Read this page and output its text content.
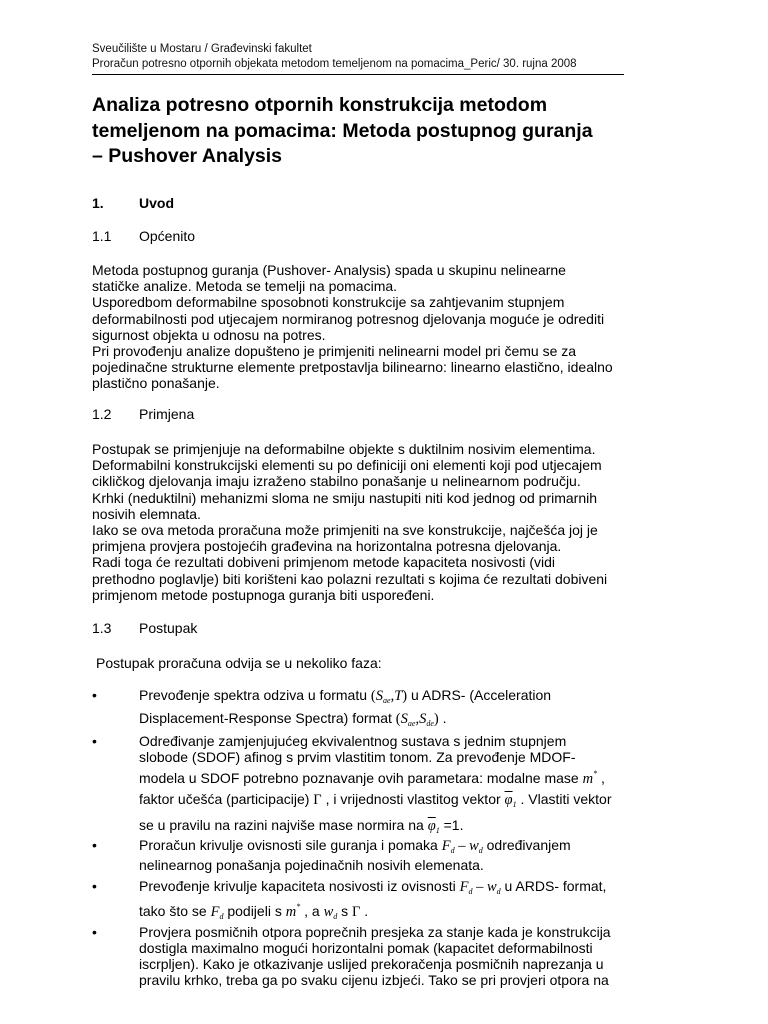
Sveučilište u Mostaru / Građevinski fakultet
Proračun potresno otpornih objekata metodom temeljenom na pomacima_Peric/ 30. rujna 2008
Analiza potresno otpornih konstrukcija metodom
temeljenom na pomacima: Metoda postupnog guranja
– Pushover Analysis
1.	Uvod
1.1 Općenito
Metoda postupnog guranja (Pushover- Analysis) spada u skupinu nelinearne
statičke analize. Metoda se temelji na pomacima.
Usporedbom deformabilne sposobnoti konstrukcije sa zahtjevanim stupnjem
deformabilnosti pod utjecajem normiranog potresnog djelovanja moguće je odrediti
sigurnost objekta u odnosu na potres.
Pri provođenju analize dopušteno je primjeniti nelinearni model pri čemu se za
pojedinačne strukturne elemente pretpostavlja bilinearno: linearno elastično, idealno
plastično ponašanje.
1.2 Primjena
Postupak se primjenjuje na deformabilne objekte s duktilnim nosivim elementima.
Deformabilni konstrukcijski elementi su po definiciji oni elementi koji pod utjecajem
cikličkog djelovanja imaju izraženo stabilno ponašanje u nelinearnom području.
Krhki (neduktilni) mehanizmi sloma ne smiju nastupiti niti kod jednog od primarnih
nosivih elemnata.
Iako se ova metoda proračuna može primjeniti na sve konstrukcije, najčešća joj je
primjena provjera postojećih građevina na horizontalna potresna djelovanja.
Radi toga će rezultati dobiveni primjenom metode kapaciteta nosivosti (vidi
prethodno poglavlje) biti korišteni kao polazni rezultati s kojima će rezultati dobiveni
primjenom metode postupnoga guranja biti uspoređeni.
1.3 Postupak
Postupak proračuna odvija se u nekoliko faza:
•	Prevođenje spektra odziva u formatu $(S_{ae},T)$ u ADRS- (Acceleration
Displacement-Response Spectra) format $(S_{ae},S_{de})$ .
•	Određivanje zamjenjujućeg ekvivalentnog sustava s jednim stupnjem
slobode (SDOF) afinog s prvim vlastitim tonom. Za prevođenje MDOF-
modela u SDOF potrebno poznavanje ovih parametara: modalne mase m* ,
faktor učešća (participacije) Γ , i vrijednosti vlastitog vektor $\overline{\varphi}_1$ . Vlastiti vektor
se u pravilu na razini najviše mase normira na $\overline{\varphi}_1 =1$.
•	Proračun krivulje ovisnosti sile guranja i pomaka $F_d - w_d$ određivanjem
nelinearnog ponašanja pojedinačnih nosivih elemenata.
•	Prevođenje krivulje kapaciteta nosivosti iz ovisnosti $F_d - w_d$ u ARDS- format,
tako što se $F_d$ podijeli s m* , a $w_d$ s Γ .
•	Provjera posmičnih otpora poprečnih presjeka za stanje kada je konstrukcija
dostigla maximalno mogući horizontalni pomak (kapacitet deformabilnosti
iscrpljen). Kako je otkazivanje uslijed prekoračenja posmičnih naprezanja u
pravilu krhko, treba ga po svaku cijenu izbjeći. Tako se pri provjeri otpora na
